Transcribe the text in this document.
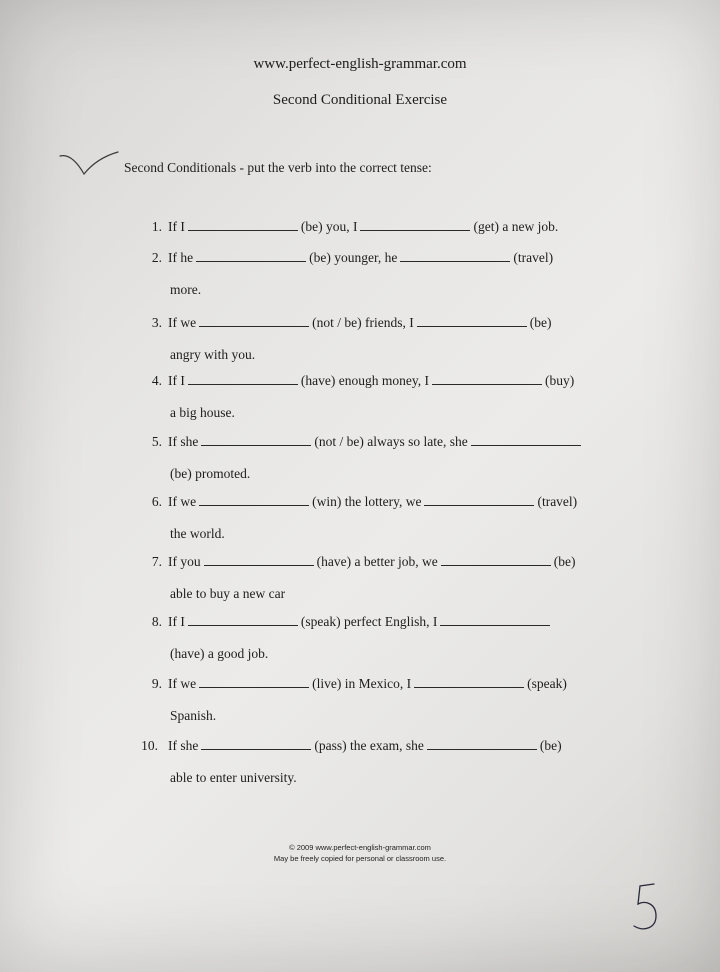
www.perfect-english-grammar.com
Second Conditional Exercise
Second Conditionals - put the verb into the correct tense:
1. If I	(be) you, I	(get) a new job.
2. If he	(be) younger, he	(travel)
more.
3. If we	(not / be) friends, I	(be)
angry with you.
4. If I	(have) enough money, I	(buy)
a big house.
5. If she	(not / be) always so late, she
(be) promoted.
6. If we	(win) the lottery, we	(travel)
the world.
7. If you	(have) a better job, we	(be)
able to buy a new car
8. If I	(speak) perfect English, I
(have) a good job.
9. If we	(live) in Mexico, I	(speak)
Spanish.
10. If she	(pass) the exam, she	(be)
able to enter university.
© 2009 www.perfect-english-grammar.com
May be freely copied for personal or classroom use.
